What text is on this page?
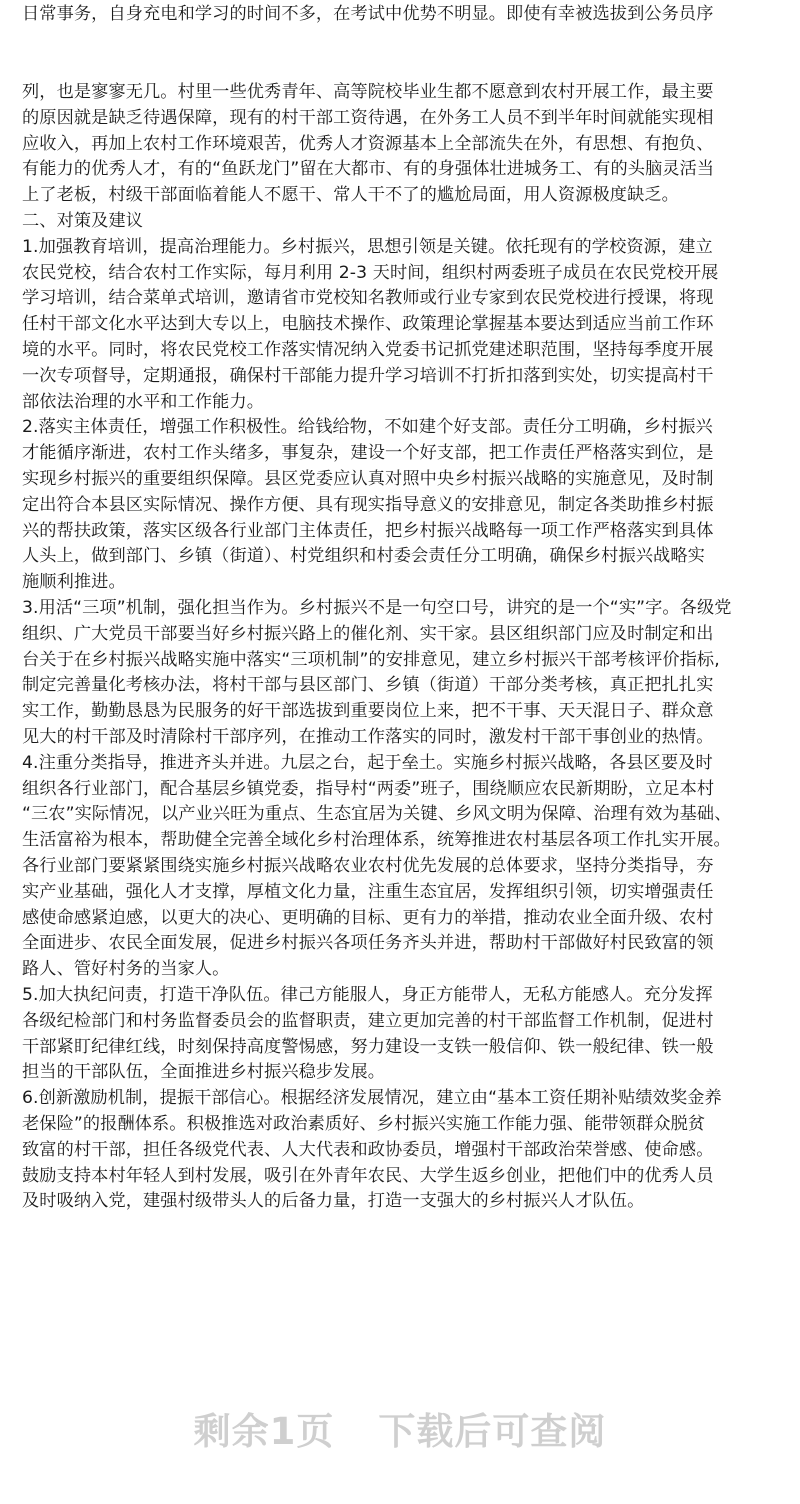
日常事务，自身充电和学习的时间不多，在考试中优势不明显。即使有幸被选拔到公务员序
列，也是寥寥无几。村里一些优秀青年、高等院校毕业生都不愿意到农村开展工作，最主要
的原因就是缺乏待遇保障，现有的村干部工资待遇，在外务工人员不到半年时间就能实现相
应收入，再加上农村工作环境艰苦，优秀人才资源基本上全部流失在外，有思想、有抱负、
有能力的优秀人才，有的“鱼跃龙门”留在大都市、有的身强体壮进城务工、有的头脑灵活当
上了老板，村级干部面临着能人不愿干、常人干不了的尴尬局面，用人资源极度缺乏。
二、对策及建议
1.加强教育培训，提高治理能力。乡村振兴，思想引领是关键。依托现有的学校资源，建立
农民党校，结合农村工作实际，每月利用 2-3 天时间，组织村两委班子成员在农民党校开展
学习培训，结合菜单式培训，邀请省市党校知名教师或行业专家到农民党校进行授课，将现
任村干部文化水平达到大专以上，电脑技术操作、政策理论掌握基本要达到适应当前工作环
境的水平。同时，将农民党校工作落实情况纳入党委书记抓党建述职范围，坚持每季度开展
一次专项督导，定期通报，确保村干部能力提升学习培训不打折扣落到实处，切实提高村干
部依法治理的水平和工作能力。
2.落实主体责任，增强工作积极性。给钱给物，不如建个好支部。责任分工明确，乡村振兴
才能循序渐进，农村工作头绪多，事复杂，建设一个好支部，把工作责任严格落实到位，是
实现乡村振兴的重要组织保障。县区党委应认真对照中央乡村振兴战略的实施意见，及时制
定出符合本县区实际情况、操作方便、具有现实指导意义的安排意见，制定各类助推乡村振
兴的帮扶政策，落实区级各行业部门主体责任，把乡村振兴战略每一项工作严格落实到具体
人头上，做到部门、乡镇（街道）、村党组织和村委会责任分工明确，确保乡村振兴战略实
施顺利推进。
3.用活“三项”机制，强化担当作为。乡村振兴不是一句空口号，讲究的是一个“实”字。各级党
组织、广大党员干部要当好乡村振兴路上的催化剂、实干家。县区组织部门应及时制定和出
台关于在乡村振兴战略实施中落实“三项机制”的安排意见，建立乡村振兴干部考核评价指标,
制定完善量化考核办法，将村干部与县区部门、乡镇（街道）干部分类考核，真正把扎扎实
实工作，勤勤恳恳为民服务的好干部选拔到重要岗位上来，把不干事、天天混日子、群众意
见大的村干部及时清除村干部序列，在推动工作落实的同时，激发村干部干事创业的热情。
4.注重分类指导，推进齐头并进。九层之台，起于垒土。实施乡村振兴战略，各县区要及时
组织各行业部门，配合基层乡镇党委，指导村“两委”班子，围绕顺应农民新期盼，立足本村
“三农”实际情况，以产业兴旺为重点、生态宜居为关键、乡风文明为保障、治理有效为基础、
生活富裕为根本，帮助健全完善全域化乡村治理体系，统筹推进农村基层各项工作扎实开展。
各行业部门要紧紧围绕实施乡村振兴战略农业农村优先发展的总体要求，坚持分类指导，夯
实产业基础，强化人才支撑，厚植文化力量，注重生态宜居，发挥组织引领，切实增强责任
感使命感紧迫感，以更大的决心、更明确的目标、更有力的举措，推动农业全面升级、农村
全面进步、农民全面发展，促进乡村振兴各项任务齐头并进，帮助村干部做好村民致富的领
路人、管好村务的当家人。
5.加大执纪问责，打造干净队伍。律己方能服人，身正方能带人，无私方能感人。充分发挥
各级纪检部门和村务监督委员会的监督职责，建立更加完善的村干部监督工作机制，促进村
干部紧盯纪律红线，时刻保持高度警惕感，努力建设一支铁一般信仰、铁一般纪律、铁一般
担当的干部队伍，全面推进乡村振兴稳步发展。
6.创新激励机制，提振干部信心。根据经济发展情况，建立由“基本工资任期补贴绩效奖金养
老保险”的报酬体系。积极推选对政治素质好、乡村振兴实施工作能力强、能带领群众脱贫
致富的村干部，担任各级党代表、人大代表和政协委员，增强村干部政治荣誉感、使命感。
鼓励支持本村年轻人到村发展，吸引在外青年农民、大学生返乡创业，把他们中的优秀人员
及时吸纳入党，建强村级带头人的后备力量，打造一支强大的乡村振兴人才队伍。
剩余1页 下载后可查阅
